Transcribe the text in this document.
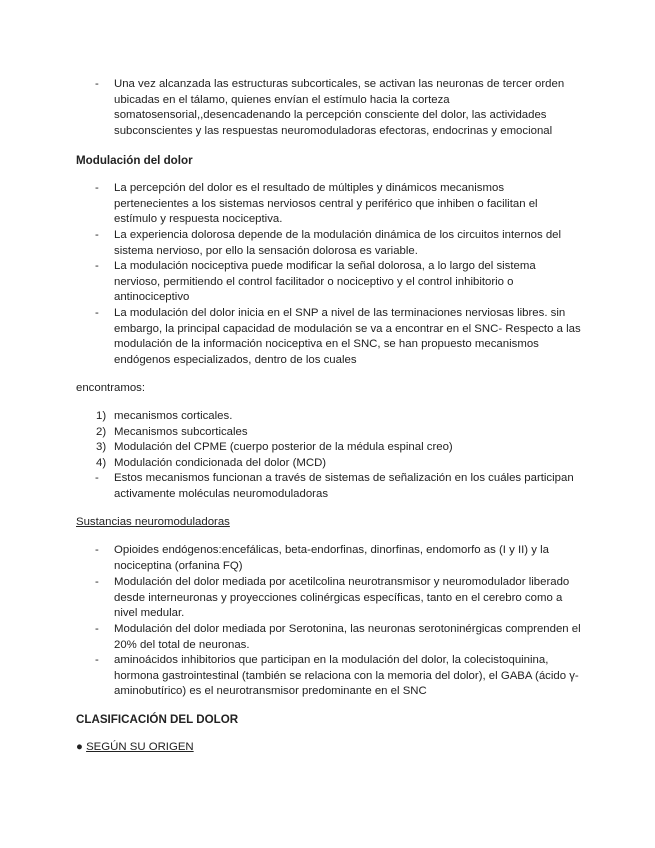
- Una vez alcanzada las estructuras subcorticales, se activan las neuronas de tercer orden ubicadas en el tálamo, quienes envían el estímulo hacia la corteza somatosensorial,,desencadenando la percepción consciente del dolor, las actividades subconscientes y las respuestas neuromoduladoras efectoras, endocrinas y emocional
Modulación del dolor
- La percepción del dolor es el resultado de múltiples y dinámicos mecanismos pertenecientes a los sistemas nerviosos central y periférico que inhiben o facilitan el estímulo y respuesta nociceptiva.
- La experiencia dolorosa depende de la modulación dinámica de los circuitos internos del sistema nervioso, por ello la sensación dolorosa es variable.
- La modulación nociceptiva puede modificar la señal dolorosa, a lo largo del sistema nervioso, permitiendo el control facilitador o nociceptivo y el control inhibitorio o antinociceptivo
- La modulación del dolor inicia en el SNP a nivel de las terminaciones nerviosas libres. sin embargo, la principal capacidad de modulación se va a encontrar en el SNC- Respecto a las modulación de la información nociceptiva en el SNC, se han propuesto mecanismos endógenos especializados, dentro de los cuales
encontramos:
1) mecanismos corticales.
2) Mecanismos subcorticales
3) Modulación del CPME (cuerpo posterior de la médula espinal creo)
4) Modulación condicionada del dolor (MCD)
- Estos mecanismos funcionan a través de sistemas de señalización en los cuáles participan activamente moléculas neuromoduladoras
Sustancias neuromoduladoras
- Opioides endógenos:encefálicas, beta-endorfinas, dinorfinas, endomorfo as (I y II) y la nociceptina (orfanina FQ)
- Modulación del dolor mediada por acetilcolina neurotransmisor y neuromodulador liberado desde interneuronas y proyecciones colinérgicas específicas, tanto en el cerebro como a nivel medular.
- Modulación del dolor mediada por Serotonina, las neuronas serotoninérgicas comprenden el 20% del total de neuronas.
- aminoácidos inhibitorios que participan en la modulación del dolor, la colecistoquinina, hormona gastrointestinal (también se relaciona con la memoria del dolor), el GABA (ácido γ-aminobutírico) es el neurotransmisor predominante en el SNC
CLASIFICACIÓN DEL DOLOR
● SEGÚN SU ORIGEN
